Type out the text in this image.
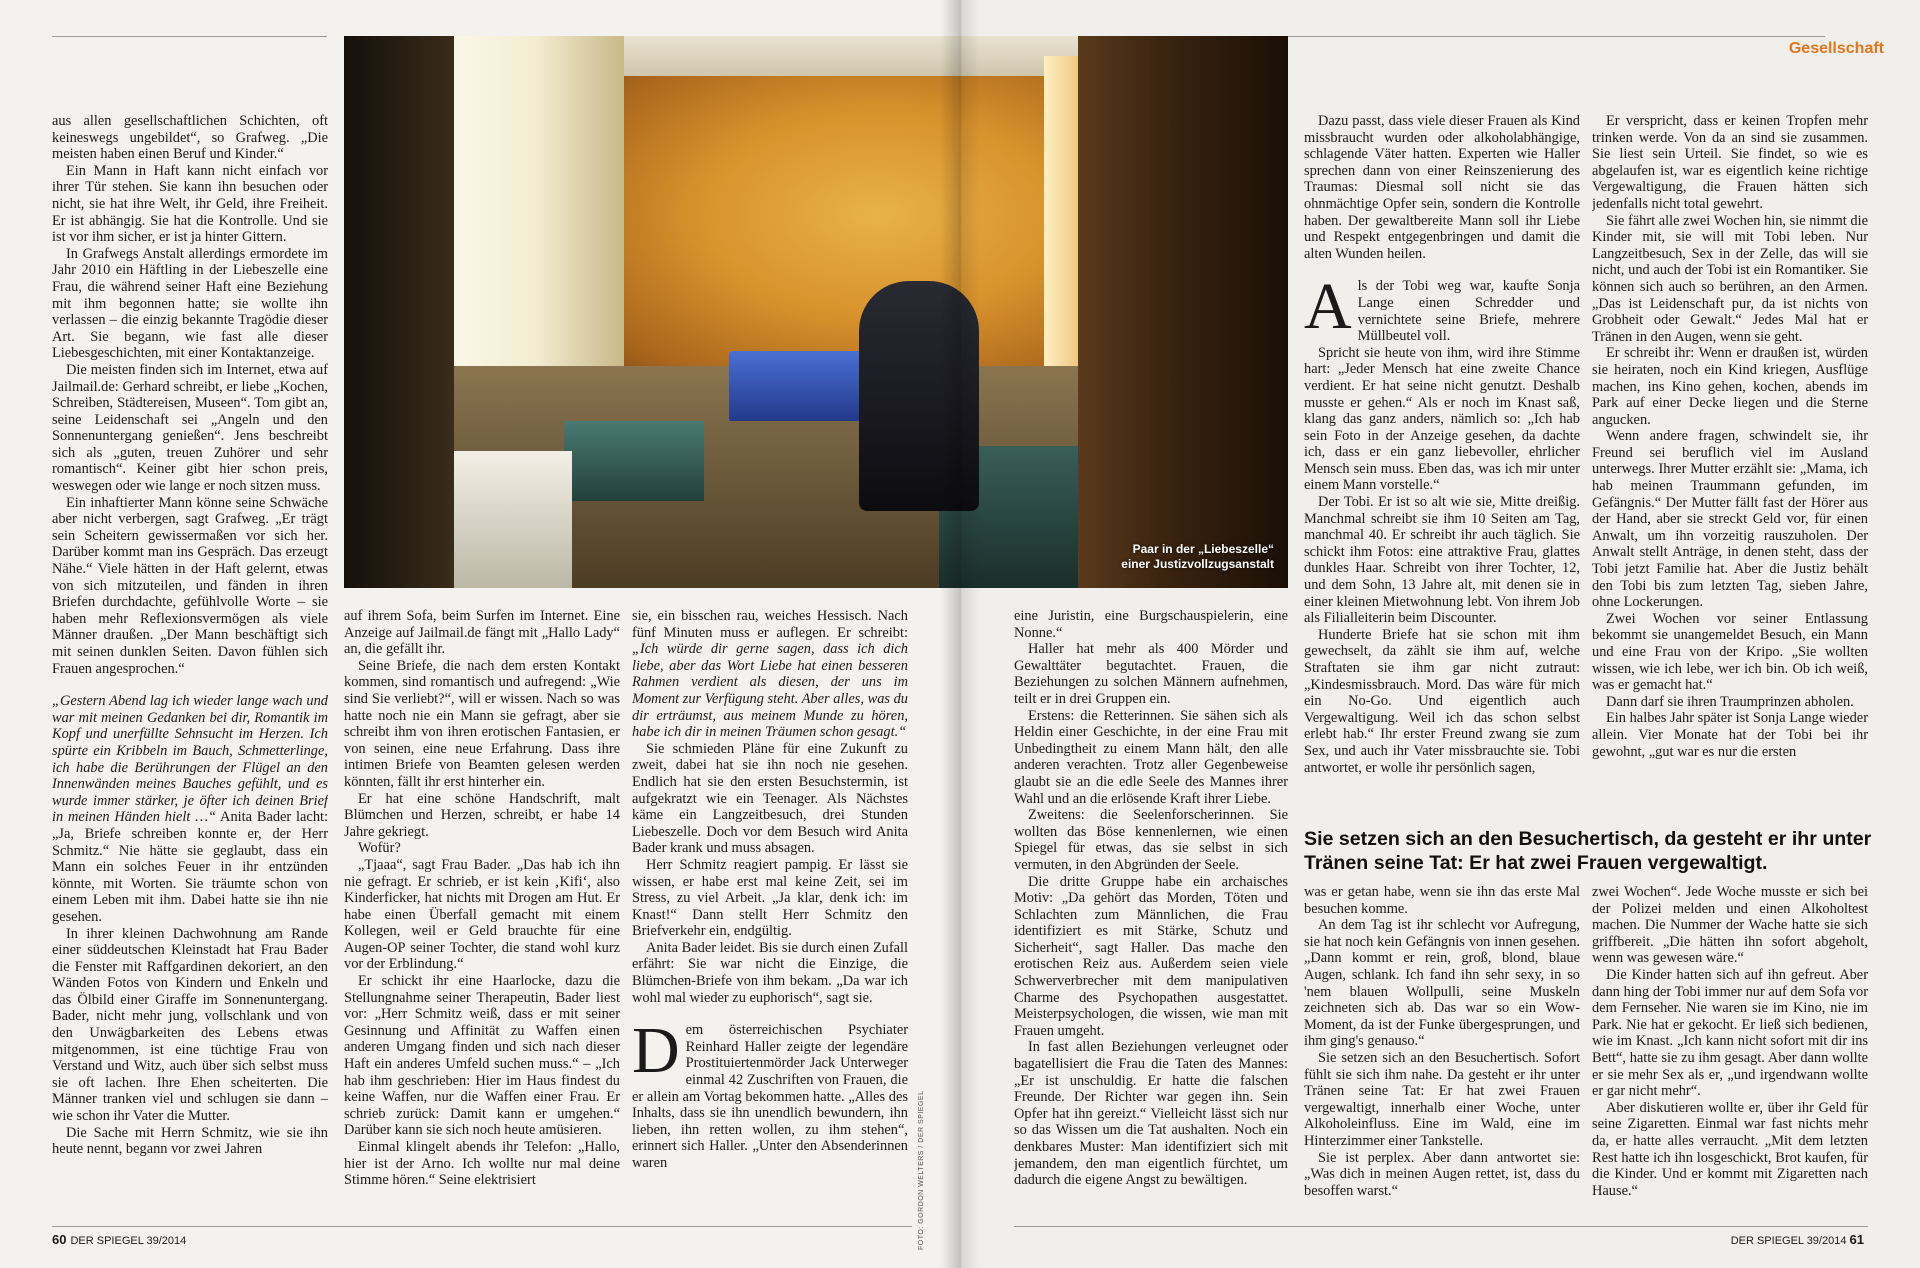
aus allen gesellschaftlichen Schichten, oft keineswegs ungebildet“, so Grafweg. „Die meisten haben einen Beruf und Kinder.“

Ein Mann in Haft kann nicht einfach vor ihrer Tür stehen. Sie kann ihn besuchen oder nicht, sie hat ihre Welt, ihr Geld, ihre Freiheit. Er ist abhängig. Sie hat die Kontrolle. Und sie ist vor ihm sicher, er ist ja hinter Gittern.

In Grafwegs Anstalt allerdings ermordete im Jahr 2010 ein Häftling in der Liebeszelle eine Frau, die während seiner Haft eine Beziehung mit ihm begonnen hatte; sie wollte ihn verlassen – die einzig bekannte Tragödie dieser Art. Sie begann, wie fast alle dieser Liebesgeschichten, mit einer Kontaktanzeige.

Die meisten finden sich im Internet, etwa auf Jailmail.de: Gerhard schreibt, er liebe „Kochen, Schreiben, Städtereisen, Museen“. Tom gibt an, seine Leidenschaft sei „Angeln und den Sonnenuntergang genießen“. Jens beschreibt sich als „guten, treuen Zuhörer und sehr romantisch“. Keiner gibt hier schon preis, weswegen oder wie lange er noch sitzen muss.

Ein inhaftierter Mann könne seine Schwäche aber nicht verbergen, sagt Grafweg. „Er trägt sein Scheitern gewissermaßen vor sich her. Darüber kommt man ins Gespräch. Das erzeugt Nähe.“ Viele hätten in der Haft gelernt, etwas von sich mitzuteilen, und fänden in ihren Briefen durchdachte, gefühlvolle Worte – sie haben mehr Reflexionsvermögen als viele Männer draußen. „Der Mann beschäftigt sich mit seinen dunklen Seiten. Davon fühlen sich Frauen angesprochen.“

„Gestern Abend lag ich wieder lange wach und war mit meinen Gedanken bei dir, Romantik im Kopf und unerfüllte Sehnsucht im Herzen. Ich spürte ein Kribbeln im Bauch, Schmetterlinge, ich habe die Berührungen der Flügel an den Innenwänden meines Bauches gefühlt, und es wurde immer stärker, je öfter ich deinen Brief in meinen Händen hielt …“ Anita Bader lacht: „Ja, Briefe schreiben konnte er, der Herr Schmitz.“ Nie hätte sie geglaubt, dass ein Mann ein solches Feuer in ihr entzünden könnte, mit Worten. Sie träumte schon von einem Leben mit ihm. Dabei hatte sie ihn nie gesehen.

In ihrer kleinen Dachwohnung am Rande einer süddeutschen Kleinstadt hat Frau Bader die Fenster mit Raffgardinen dekoriert, an den Wänden Fotos von Kindern und Enkeln und das Ölbild einer Giraffe im Sonnenuntergang. Bader, nicht mehr jung, vollschlank und von den Unwägbarkeiten des Lebens etwas mitgenommen, ist eine tüchtige Frau von Verstand und Witz, auch über sich selbst muss sie oft lachen. Ihre Ehen scheiterten. Die Männer tranken viel und schlugen sie dann – wie schon ihr Vater die Mutter.

Die Sache mit Herrn Schmitz, wie sie ihn heute nennt, begann vor zwei Jahren

auf ihrem Sofa, beim Surfen im Internet. Eine Anzeige auf Jailmail.de fängt mit „Hallo Lady“ an, die gefällt ihr.

Seine Briefe, die nach dem ersten Kontakt kommen, sind romantisch und aufregend: „Wie sind Sie verliebt?“, will er wissen. Nach so was hatte noch nie ein Mann sie gefragt, aber sie schreibt ihm von ihren erotischen Fantasien, er von seinen, eine neue Erfahrung. Dass ihre intimen Briefe von Beamten gelesen werden könnten, fällt ihr erst hinterher ein.

Er hat eine schöne Handschrift, malt Blümchen und Herzen, schreibt, er habe 14 Jahre gekriegt.

Wofür?

„Tjaaa“, sagt Frau Bader. „Das hab ich ihn nie gefragt. Er schrieb, er ist kein ‚Kifi‘, also Kinderficker, hat nichts mit Drogen am Hut. Er habe einen Überfall gemacht mit einem Kollegen, weil er Geld brauchte für eine Augen-OP seiner Tochter, die stand wohl kurz vor der Erblindung.“

Er schickt ihr eine Haarlocke, dazu die Stellungnahme seiner Therapeutin, Bader liest vor: „Herr Schmitz weiß, dass er mit seiner Gesinnung und Affinität zu Waffen einen anderen Umgang finden und sich nach dieser Haft ein anderes Umfeld suchen muss.“ – „Ich hab ihm geschrieben: Hier im Haus findest du keine Waffen, nur die Waffen einer Frau. Er schrieb zurück: Damit kann er umgehen.“ Darüber kann sie sich noch heute amüsieren.

Einmal klingelt abends ihr Telefon: „Hallo, hier ist der Arno. Ich wollte nur mal deine Stimme hören.“ Seine elektrisiert

sie, ein bisschen rau, weiches Hessisch. Nach fünf Minuten muss er auflegen. Er schreibt: „Ich würde dir gerne sagen, dass ich dich liebe, aber das Wort Liebe hat einen besseren Rahmen verdient als diesen, der uns im Moment zur Verfügung steht. Aber alles, was du dir erträumst, aus meinem Munde zu hören, habe ich dir in meinen Träumen schon gesagt.“

Sie schmieden Pläne für eine Zukunft zu zweit, dabei hat sie ihn noch nie gesehen. Endlich hat sie den ersten Besuchstermin, ist aufgekratzt wie ein Teenager. Als Nächstes käme ein Langzeitbesuch, drei Stunden Liebeszelle. Doch vor dem Besuch wird Anita Bader krank und muss absagen.

Herr Schmitz reagiert pampig. Er lässt sie wissen, er habe erst mal keine Zeit, sei im Stress, zu viel Arbeit. „Ja klar, denk ich: im Knast!“ Dann stellt Herr Schmitz den Briefverkehr ein, endgültig.

Anita Bader leidet. Bis sie durch einen Zufall erfährt: Sie war nicht die Einzige, die Blümchen-Briefe von ihm bekam. „Da war ich wohl mal wieder zu euphorisch“, sagt sie.

Dem österreichischen Psychiater Reinhard Haller zeigte der legendäre Prostituiertenmörder Jack Unterweger einmal 42 Zuschriften von Frauen, die er allein am Vortag bekommen hatte. „Alles des Inhalts, dass sie ihn unendlich bewundern, ihn lieben, ihn retten wollen, zu ihm stehen“, erinnert sich Haller. „Unter den Absenderinnen waren

60 DER SPIEGEL 39/2014	FOTO: GORDON WELTERS / DER SPIEGEL
Gesellschaft

eine Juristin, eine Burgschauspielerin, eine Nonne.“

Haller hat mehr als 400 Mörder und Gewalttäter begutachtet. Frauen, die Beziehungen zu solchen Männern aufnehmen, teilt er in drei Gruppen ein.

Erstens: die Retterinnen. Sie sähen sich als Heldin einer Geschichte, in der eine Frau mit Unbedingtheit zu einem Mann hält, den alle anderen verachten. Trotz aller Gegenbeweise glaubt sie an die edle Seele des Mannes ihrer Wahl und an die erlösende Kraft ihrer Liebe.

Zweitens: die Seelenforscherinnen. Sie wollten das Böse kennenlernen, wie einen Spiegel für etwas, das sie selbst in sich vermuten, in den Abgründen der Seele.

Die dritte Gruppe habe ein archaisches Motiv: „Da gehört das Morden, Töten und Schlachten zum Männlichen, die Frau identifiziert es mit Stärke, Schutz und Sicherheit“, sagt Haller. Das mache den erotischen Reiz aus. Außerdem seien viele Schwerverbrecher mit dem manipulativen Charme des Psychopathen ausgestattet. Meisterpsychologen, die wissen, wie man mit Frauen umgeht.

In fast allen Beziehungen verleugnet oder bagatellisiert die Frau die Taten des Mannes: „Er ist unschuldig. Er hatte die falschen Freunde. Der Richter war gegen ihn. Sein Opfer hat ihn gereizt.“ Vielleicht lässt sich nur so das Wissen um die Tat aushalten. Noch ein denkbares Muster: Man identifiziert sich mit jemandem, den man eigentlich fürchtet, um dadurch die eigene Angst zu bewältigen.

Dazu passt, dass viele dieser Frauen als Kind missbraucht wurden oder alkoholabhängige, schlagende Väter hatten. Experten wie Haller sprechen dann von einer Reinszenierung des Traumas: Diesmal soll nicht sie das ohnmächtige Opfer sein, sondern die Kontrolle haben. Der gewaltbereite Mann soll ihr Liebe und Respekt entgegenbringen und damit die alten Wunden heilen.

Als der Tobi weg war, kaufte Sonja Lange einen Schredder und vernichtete seine Briefe, mehrere Müllbeutel voll.

Spricht sie heute von ihm, wird ihre Stimme hart: „Jeder Mensch hat eine zweite Chance verdient. Er hat seine nicht genutzt. Deshalb musste er gehen.“ Als er noch im Knast saß, klang das ganz anders, nämlich so: „Ich hab sein Foto in der Anzeige gesehen, da dachte ich, dass er ein ganz liebevoller, ehrlicher Mensch sein muss. Eben das, was ich mir unter einem Mann vorstelle.“

Der Tobi. Er ist so alt wie sie, Mitte dreißig. Manchmal schreibt sie ihm 10 Seiten am Tag, manchmal 40. Er schreibt ihr auch täglich. Sie schickt ihm Fotos: eine attraktive Frau, glattes dunkles Haar. Schreibt von ihrer Tochter, 12, und dem Sohn, 13 Jahre alt, mit denen sie in einer kleinen Mietwohnung lebt. Von ihrem Job als Filialleiterin beim Discounter.

Hunderte Briefe hat sie schon mit ihm gewechselt, da zählt sie ihm auf, welche Straftaten sie ihm gar nicht zutraut: „Kindesmissbrauch. Mord. Das wäre für mich ein No-Go. Und eigentlich auch Vergewaltigung. Weil ich das schon selbst erlebt hab.“ Ihr erster Freund zwang sie zum Sex, und auch ihr Vater missbrauchte sie. Tobi antwortet, er wolle ihr persönlich sagen,

was er getan habe, wenn sie ihn das erste Mal besuchen komme.

An dem Tag ist ihr schlecht vor Aufregung, sie hat noch kein Gefängnis von innen gesehen. „Dann kommt er rein, groß, blond, blaue Augen, schlank. Ich fand ihn sehr sexy, in so 'nem blauen Wollpulli, seine Muskeln zeichneten sich ab. Das war so ein Wow-Moment, da ist der Funke übergesprungen, und ihm ging's genauso.“

Sie setzen sich an den Besuchertisch. Sofort fühlt sie sich ihm nahe. Da gesteht er ihr unter Tränen seine Tat: Er hat zwei Frauen vergewaltigt, innerhalb einer Woche, unter Alkoholeinfluss. Eine im Wald, eine im Hinterzimmer einer Tankstelle.

Sie ist perplex. Aber dann antwortet sie: „Was dich in meinen Augen rettet, ist, dass du besoffen warst.“

Er verspricht, dass er keinen Tropfen mehr trinken werde. Von da an sind sie zusammen. Sie liest sein Urteil. Sie findet, so wie es abgelaufen ist, war es eigentlich keine richtige Vergewaltigung, die Frauen hätten sich jedenfalls nicht total gewehrt.

Sie fährt alle zwei Wochen hin, sie nimmt die Kinder mit, sie will mit Tobi leben. Nur Langzeitbesuch, Sex in der Zelle, das will sie nicht, und auch der Tobi ist ein Romantiker. Sie können sich auch so berühren, an den Armen. „Das ist Leidenschaft pur, da ist nichts von Grobheit oder Gewalt.“ Jedes Mal hat er Tränen in den Augen, wenn sie geht.

Er schreibt ihr: Wenn er draußen ist, würden sie heiraten, noch ein Kind kriegen, Ausflüge machen, ins Kino gehen, kochen, abends im Park auf einer Decke liegen und die Sterne angucken.

Wenn andere fragen, schwindelt sie, ihr Freund sei beruflich viel im Ausland unterwegs. Ihrer Mutter erzählt sie: „Mama, ich hab meinen Traummann gefunden, im Gefängnis.“ Der Mutter fällt fast der Hörer aus der Hand, aber sie streckt Geld vor, für einen Anwalt, um ihn vorzeitig rauszuholen. Der Anwalt stellt Anträge, in denen steht, dass der Tobi jetzt Familie hat. Aber die Justiz behält den Tobi bis zum letzten Tag, sieben Jahre, ohne Lockerungen.

Zwei Wochen vor seiner Entlassung bekommt sie unangemeldet Besuch, ein Mann und eine Frau von der Kripo. „Sie wollten wissen, wie ich lebe, wer ich bin. Ob ich weiß, was er gemacht hat.“

Dann darf sie ihren Traumprinzen abholen.

Ein halbes Jahr später ist Sonja Lange wieder allein. Vier Monate hat der Tobi bei ihr gewohnt, „gut war es nur die ersten

zwei Wochen“. Jede Woche musste er sich bei der Polizei melden und einen Alkoholtest machen. Die Nummer der Wache hatte sie sich griffbereit. „Die hätten ihn sofort abgeholt, wenn was gewesen wäre.“

Die Kinder hatten sich auf ihn gefreut. Aber dann hing der Tobi immer nur auf dem Sofa vor dem Fernseher. Nie waren sie im Kino, nie im Park. Nie hat er gekocht. Er ließ sich bedienen, wie im Knast. „Ich kann nicht sofort mit dir ins Bett“, hatte sie zu ihm gesagt. Aber dann wollte er sie mehr Sex als er, „und irgendwann wollte er gar nicht mehr“.

Aber diskutieren wollte er, über ihr Geld für seine Zigaretten. Einmal war fast nichts mehr da, er hatte alles verraucht. „Mit dem letzten Rest hatte ich ihn losgeschickt, Brot kaufen, für die Kinder. Und er kommt mit Zigaretten nach Hause.“

DER SPIEGEL 39/2014 61
Paar in der „Liebeszelle“
einer Justizvollzugsanstalt
Sie setzen sich an den Besuchertisch, da gesteht er ihr unter Tränen seine Tat: Er hat zwei Frauen vergewaltigt.
